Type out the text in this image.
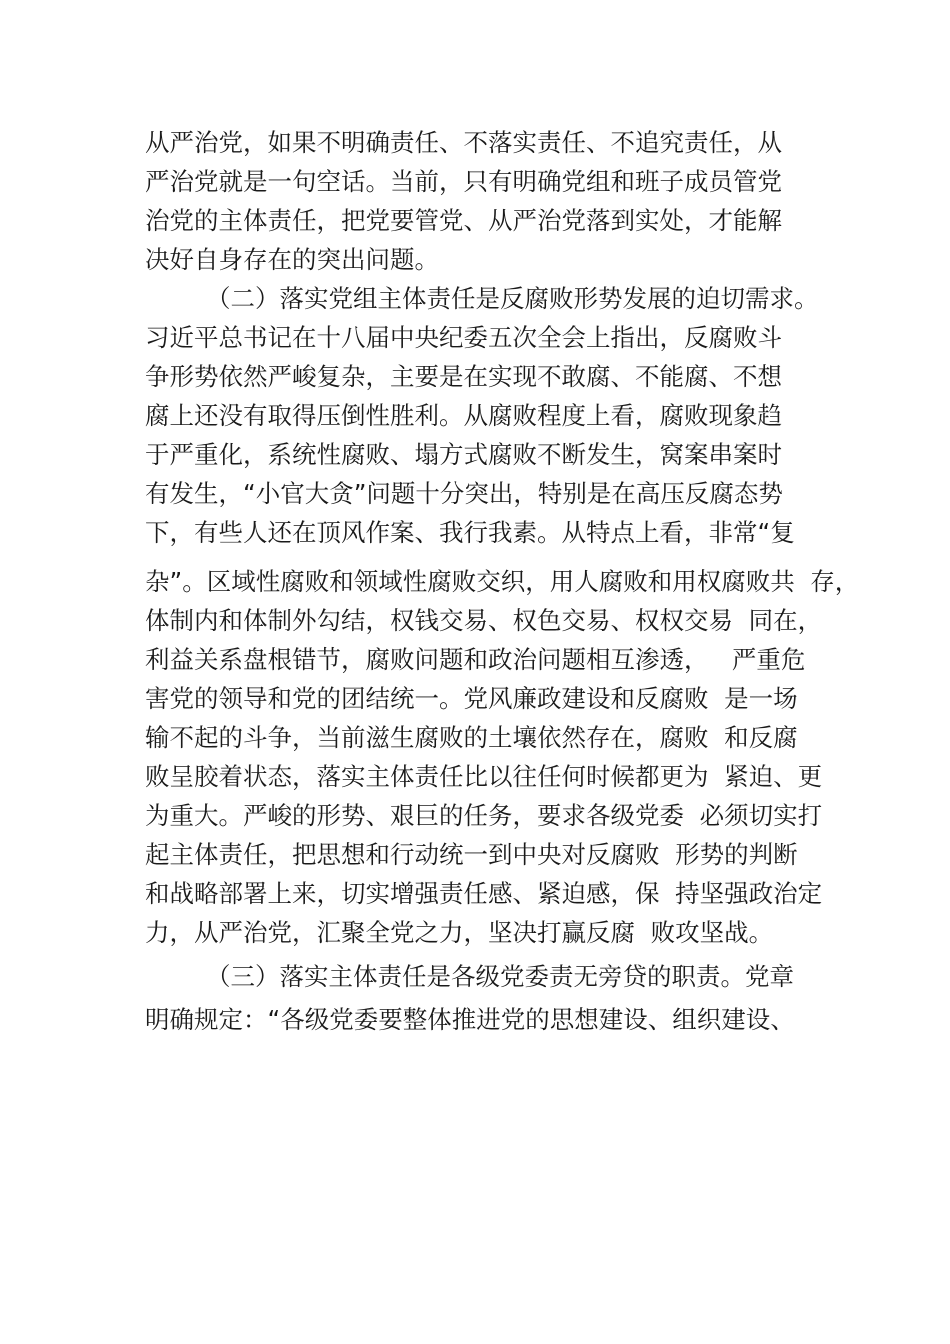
从严治党，如果不明确责任、不落实责任、不追究责任，从
严治党就是一句空话。当前，只有明确党组和班子成员管党
治党的主体责任，把党要管党、从严治党落到实处，才能解
决好自身存在的突出问题。
（二）落实党组主体责任是反腐败形势发展的迫切需求。
习近平总书记在十八届中央纪委五次全会上指出，反腐败斗
争形势依然严峻复杂，主要是在实现不敢腐、不能腐、不想
腐上还没有取得压倒性胜利。从腐败程度上看，腐败现象趋
于严重化，系统性腐败、塌方式腐败不断发生，窝案串案时
有发生，“小官大贪”问题十分突出，特别是在高压反腐态势
下，有些人还在顶风作案、我行我素。从特点上看，非常“复
杂”。区域性腐败和领域性腐败交织，用人腐败和用权腐败共  存，
体制内和体制外勾结，权钱交易、权色交易、权权交易  同在，
利益关系盘根错节，腐败问题和政治问题相互渗透，   严重危
害党的领导和党的团结统一。党风廉政建设和反腐败  是一场
输不起的斗争，当前滋生腐败的土壤依然存在，腐败  和反腐
败呈胶着状态，落实主体责任比以往任何时候都更为  紧迫、更
为重大。严峻的形势、艰巨的任务，要求各级党委  必须切实打
起主体责任，把思想和行动统一到中央对反腐败  形势的判断
和战略部署上来，切实增强责任感、紧迫感，保  持坚强政治定
力，从严治党，汇聚全党之力，坚决打赢反腐  败攻坚战。
（三）落实主体责任是各级党委责无旁贷的职责。党章
明确规定：“各级党委要整体推进党的思想建设、组织建设、
